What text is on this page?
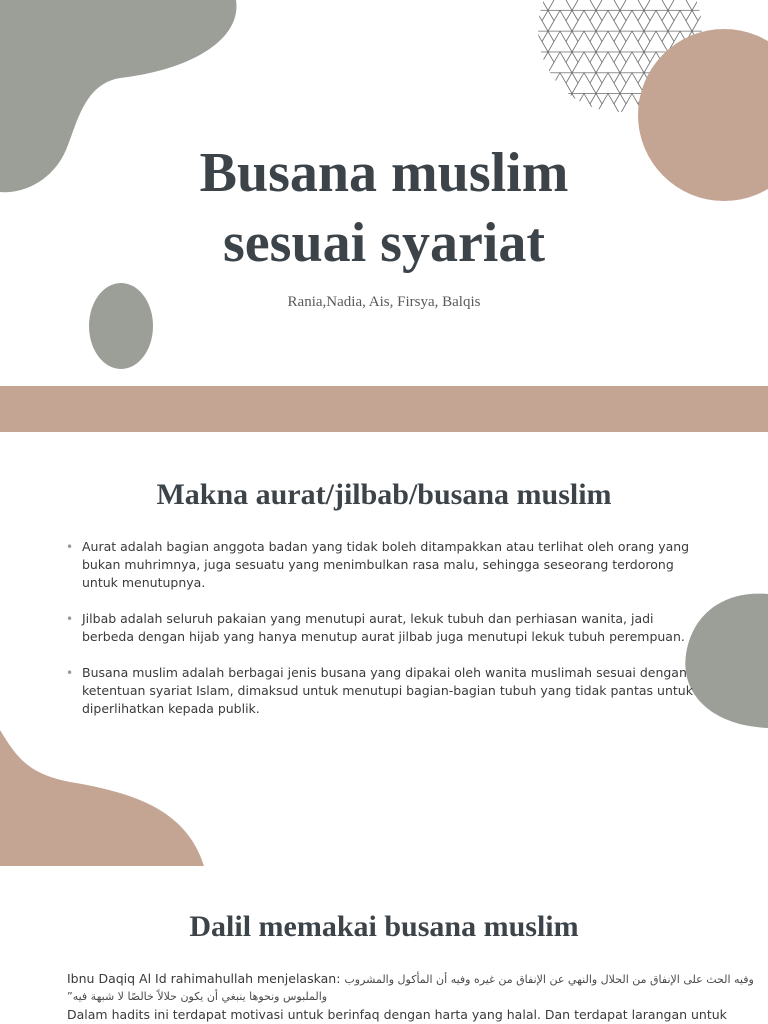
Busana muslim
sesuai syariat
Rania,Nadia, Ais, Firsya, Balqis
Makna aurat/jilbab/busana muslim
• Aurat adalah bagian anggota badan yang tidak boleh ditampakkan atau terlihat oleh orang yang bukan muhrimnya, juga sesuatu yang menimbulkan rasa malu, sehingga seseorang terdorong untuk menutupnya.
• Jilbab adalah seluruh pakaian yang menutupi aurat, lekuk tubuh dan perhiasan wanita, jadi berbeda dengan hijab yang hanya menutup aurat jilbab juga menutupi lekuk tubuh perempuan.
• Busana muslim adalah berbagai jenis busana yang dipakai oleh wanita muslimah sesuai dengan ketentuan syariat Islam, dimaksud untuk menutupi bagian-bagian tubuh yang tidak pantas untuk diperlihatkan kepada publik.
Dalil memakai busana muslim
Ibnu Daqiq Al Id rahimahullah menjelaskan: وفيه الحث على الإنفاق من الحلال والنهي عن الإنفاق من غيره وفيه أن المأكول والمشروب
والملبوس ونحوها ينبغي أن يكون حلالاً خالصًا لا شبهة فيه”
Dalam hadits ini terdapat motivasi untuk berinfaq dengan harta yang halal. Dan terdapat larangan untuk
